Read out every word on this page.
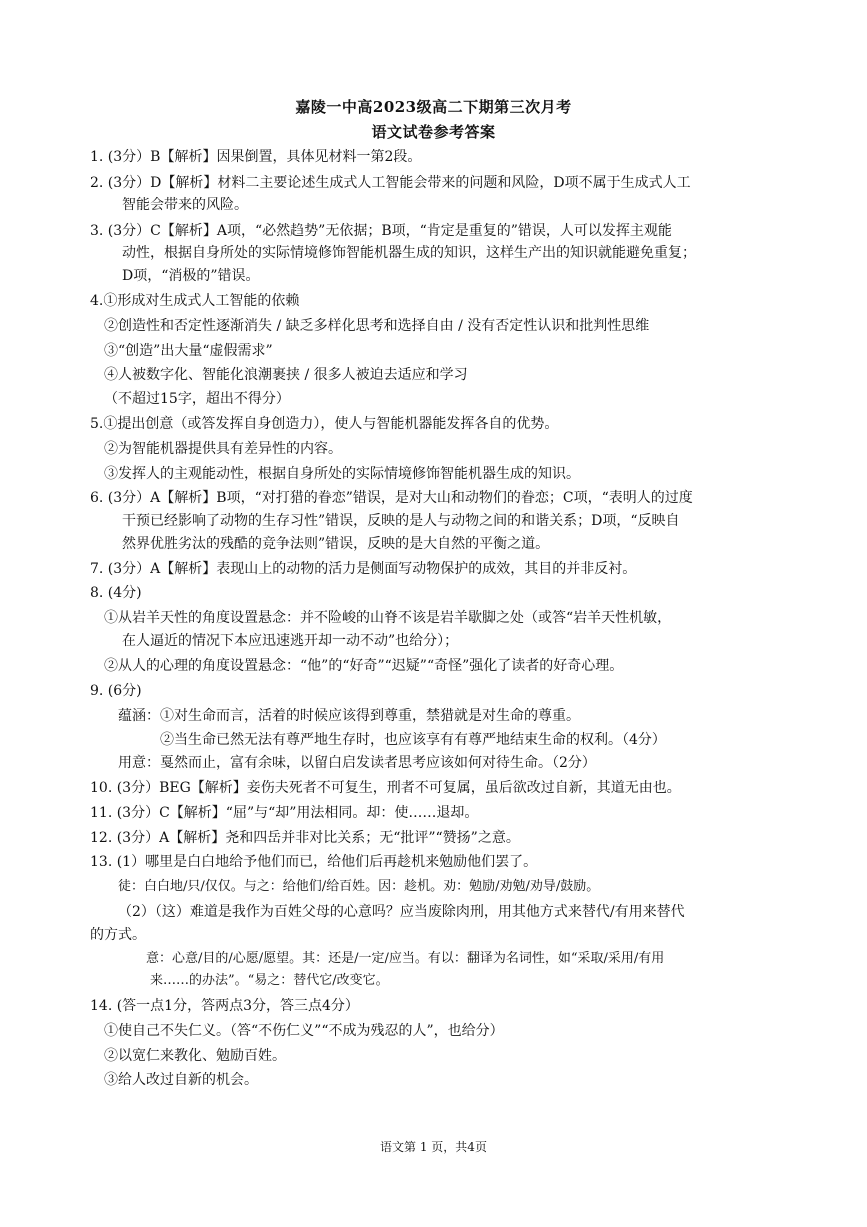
嘉陵一中高2023级高二下期第三次月考
语文试卷参考答案
1. (3分）B【解析】因果倒置，具体见材料一第2段。
2. (3分）D【解析】材料二主要论述生成式人工智能会带来的问题和风险，D项不属于生成式人工
智能会带来的风险。
3. (3分）C【解析】A项，“必然趋势”无依据；B项，“肯定是重复的”错误，人可以发挥主观能
动性，根据自身所处的实际情境修饰智能机器生成的知识，这样生产出的知识就能避免重复；
D项，“消极的”错误。
4.①形成对生成式人工智能的依赖
②创造性和否定性逐渐消失 / 缺乏多样化思考和选择自由 / 没有否定性认识和批判性思维
③“创造”出大量“虚假需求”
④人被数字化、智能化浪潮裹挟 / 很多人被迫去适应和学习
（不超过15字，超出不得分）
5.①提出创意（或答发挥自身创造力），使人与智能机器能发挥各自的优势。
②为智能机器提供具有差异性的内容。
③发挥人的主观能动性，根据自身所处的实际情境修饰智能机器生成的知识。
6. (3分）A【解析】B项，“对打猎的眷恋”错误，是对大山和动物们的眷恋；C项，“表明人的过度
干预已经影响了动物的生存习性”错误，反映的是人与动物之间的和谐关系；D项，“反映自
然界优胜劣汰的残酷的竞争法则”错误，反映的是大自然的平衡之道。
7. (3分）A【解析】表现山上的动物的活力是侧面写动物保护的成效，其目的并非反衬。
8. (4分)
①从岩羊天性的角度设置悬念：并不险峻的山脊不该是岩羊歇脚之处（或答“岩羊天性机敏，
在人逼近的情况下本应迅速逃开却一动不动”也给分）；
②从人的心理的角度设置悬念：“他”的“好奇”“迟疑”“奇怪”强化了读者的好奇心理。
9. (6分)
蕴涵：①对生命而言，活着的时候应该得到尊重，禁猎就是对生命的尊重。
②当生命已然无法有尊严地生存时，也应该享有有尊严地结束生命的权利。（4分）
用意：戛然而止，富有余味，以留白启发读者思考应该如何对待生命。（2分）
10. (3分）BEG【解析】妾伤夫死者不可复生，刑者不可复属，虽后欲改过自新，其道无由也。
11. (3分）C【解析】“屈”与“却”用法相同。却：使……退却。
12. (3分）A【解析】尧和四岳并非对比关系；无“批评”“赞扬”之意。
13. (1）哪里是白白地给予他们而已，给他们后再趁机来勉励他们罢了。
徒：白白地/只/仅仅。与之：给他们/给百姓。因：趁机。劝：勉励/劝勉/劝导/鼓励。
（2）（这）难道是我作为百姓父母的心意吗？应当废除肉刑，用其他方式来替代/有用来替代
的方式。
意：心意/目的/心愿/愿望。其：还是/一定/应当。有以：翻译为名词性，如“采取/采用/有用
来……的办法”。“易之：替代它/改变它。
14. (答一点1分，答两点3分，答三点4分）
①使自己不失仁义。（答“不伤仁义”“不成为残忍的人”，也给分）
②以宽仁来教化、勉励百姓。
③给人改过自新的机会。
语文第 1 页，共4页
